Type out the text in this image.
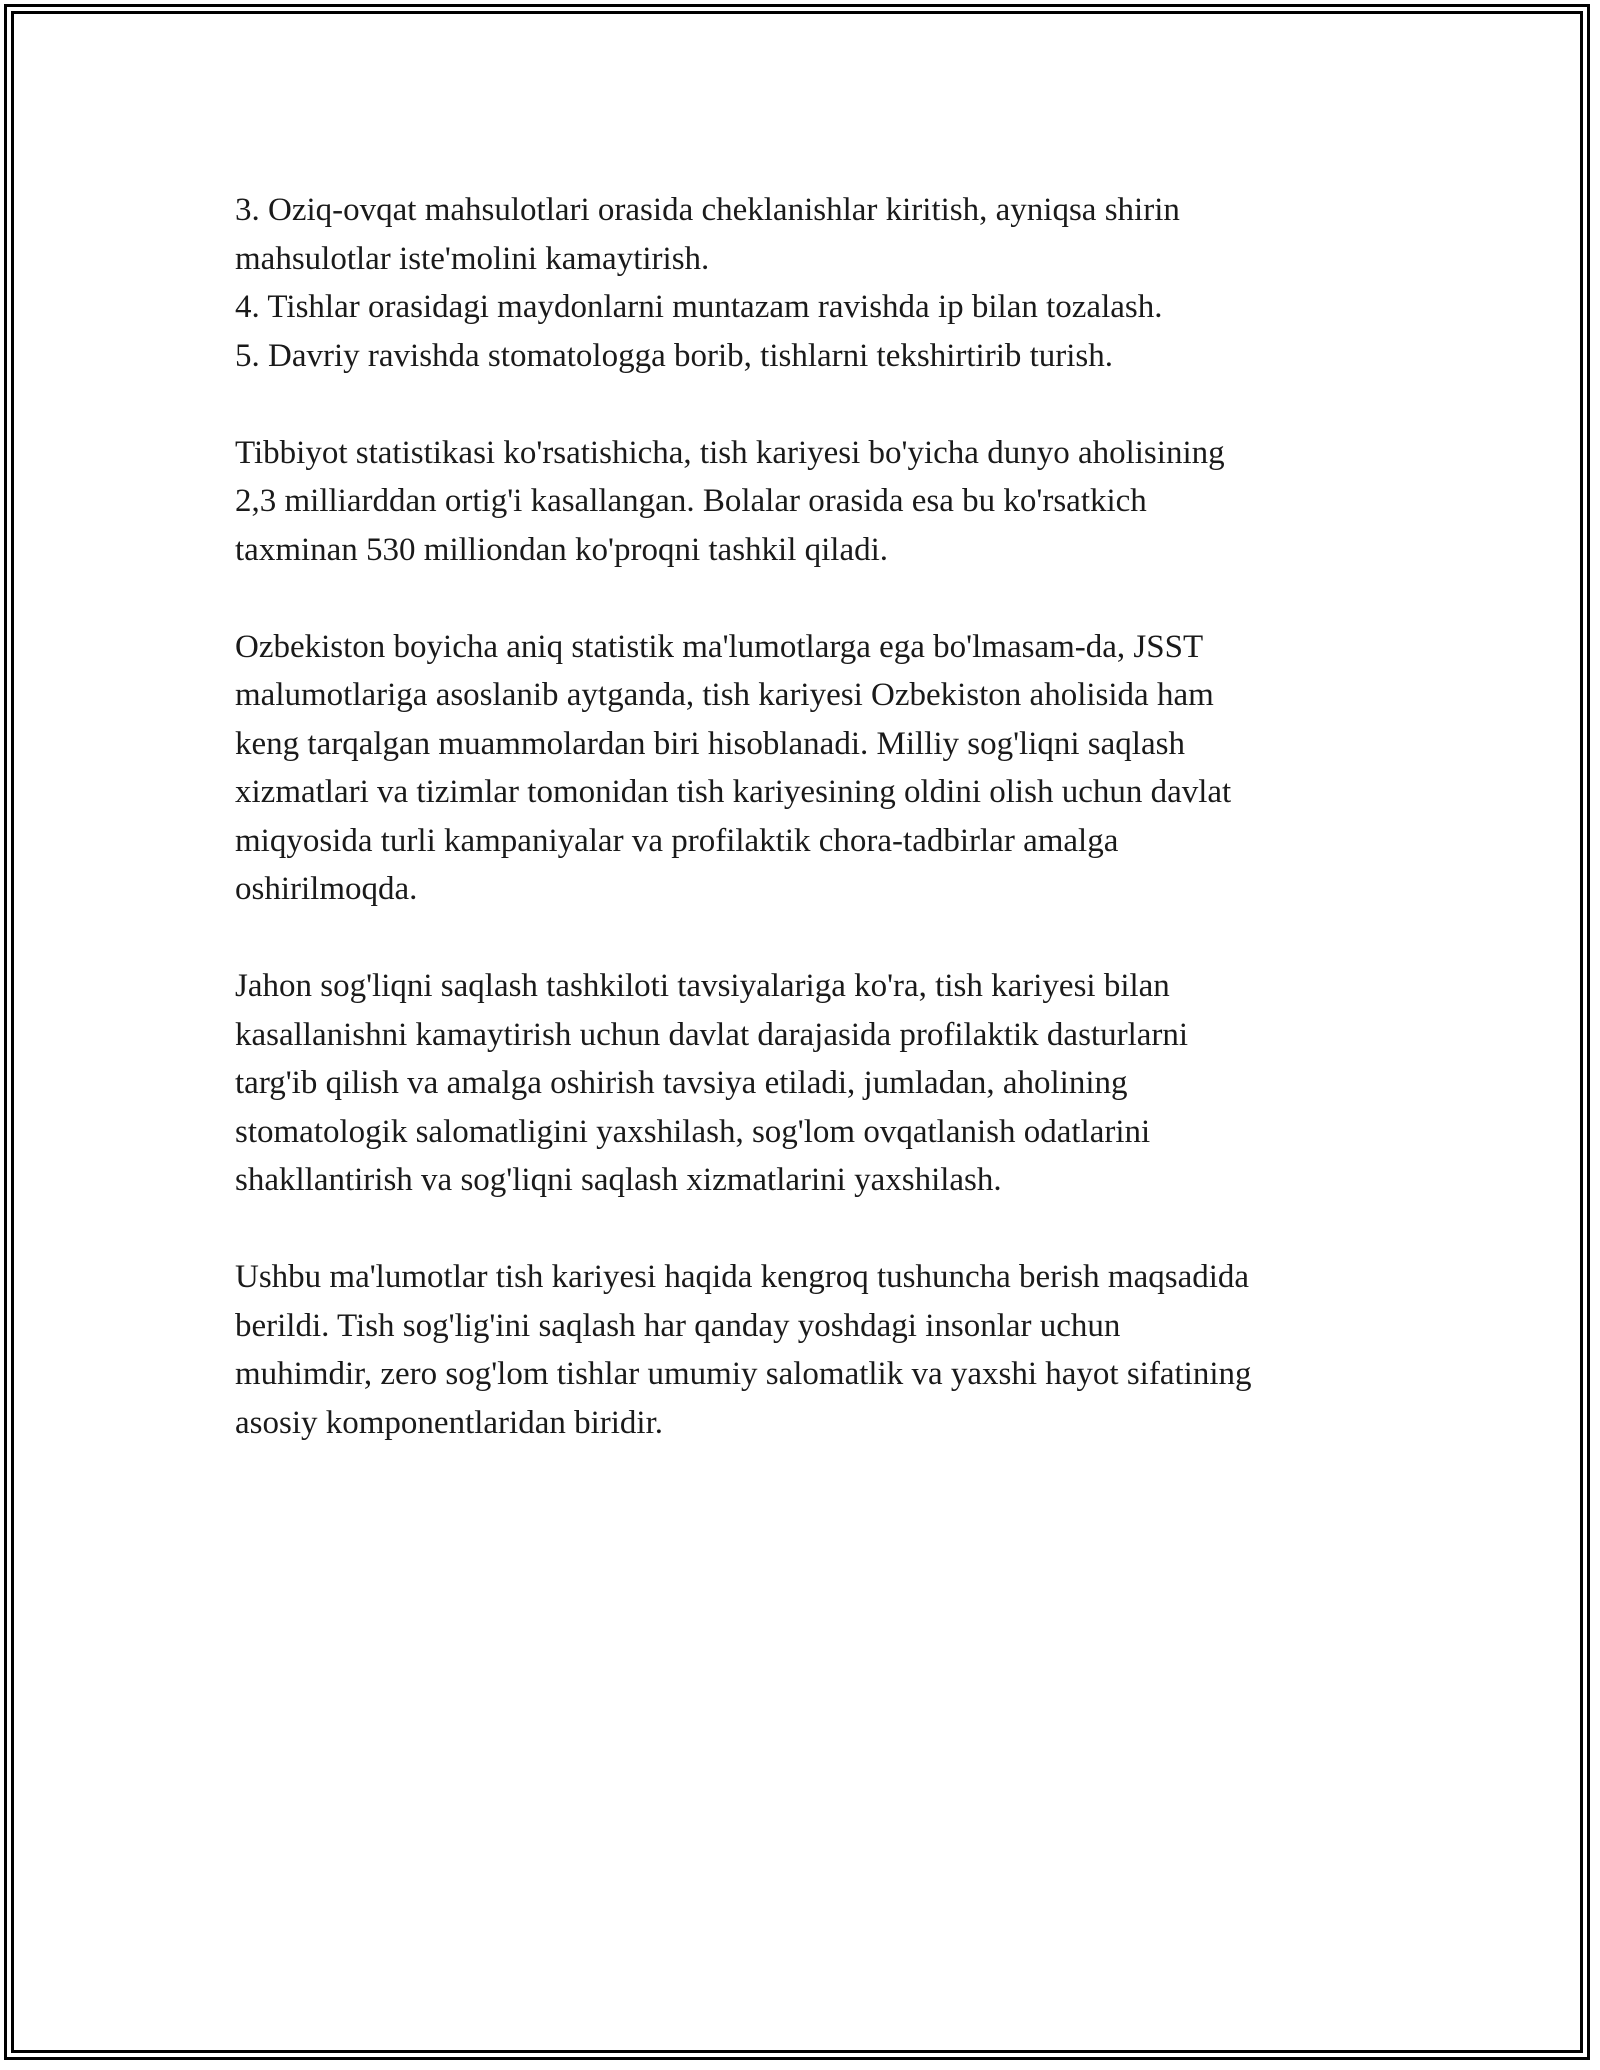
3. Oziq-ovqat mahsulotlari orasida cheklanishlar kiritish, ayniqsa shirin
mahsulotlar iste'molini kamaytirish.
4. Tishlar orasidagi maydonlarni muntazam ravishda ip bilan tozalash.
5. Davriy ravishda stomatologga borib, tishlarni tekshirtirib turish.

Tibbiyot statistikasi ko'rsatishicha, tish kariyesi bo'yicha dunyo aholisining
2,3 milliarddan ortig'i kasallangan. Bolalar orasida esa bu ko'rsatkich
taxminan 530 milliondan ko'proqni tashkil qiladi.

Ozbekiston boyicha aniq statistik ma'lumotlarga ega bo'lmasam-da, JSST
malumotlariga asoslanib aytganda, tish kariyesi Ozbekiston aholisida ham
keng tarqalgan muammolardan biri hisoblanadi. Milliy sog'liqni saqlash
xizmatlari va tizimlar tomonidan tish kariyesining oldini olish uchun davlat
miqyosida turli kampaniyalar va profilaktik chora-tadbirlar amalga
oshirilmoqda.

Jahon sog'liqni saqlash tashkiloti tavsiyalariga ko'ra, tish kariyesi bilan
kasallanishni kamaytirish uchun davlat darajasida profilaktik dasturlarni
targ'ib qilish va amalga oshirish tavsiya etiladi, jumladan, aholining
stomatologik salomatligini yaxshilash, sog'lom ovqatlanish odatlarini
shakllantirish va sog'liqni saqlash xizmatlarini yaxshilash.

Ushbu ma'lumotlar tish kariyesi haqida kengroq tushuncha berish maqsadida
berildi. Tish sog'lig'ini saqlash har qanday yoshdagi insonlar uchun
muhimdir, zero sog'lom tishlar umumiy salomatlik va yaxshi hayot sifatining
asosiy komponentlaridan biridir.
